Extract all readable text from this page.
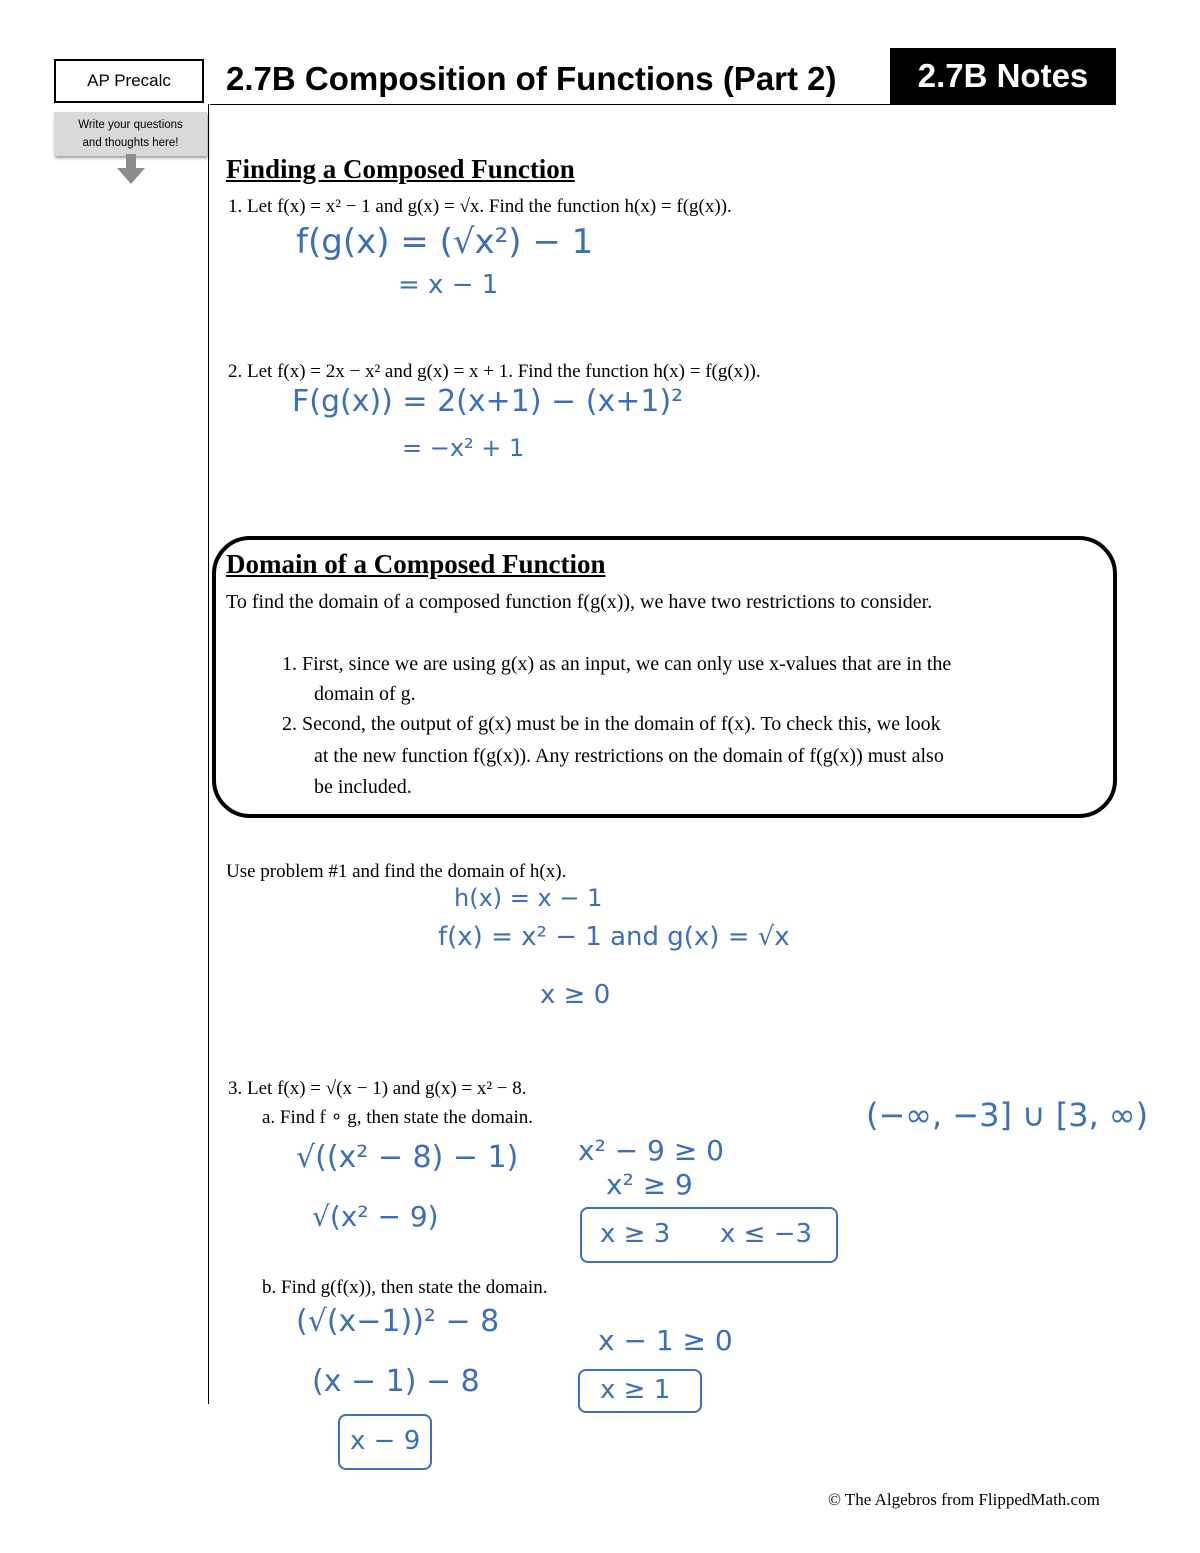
AP Precalc
Write your questions
and thoughts here!
2.7B Composition of Functions (Part 2) 2.7B Notes
Finding a Composed Function
1. Let f(x) = x² − 1 and g(x) = √x. Find the function h(x) = f(g(x)).
f(g(x) = (√x²) − 1
= x − 1
2. Let f(x) = 2x − x² and g(x) = x + 1. Find the function h(x) = f(g(x)).
F(g(x)) = 2(x+1) − (x+1)²
= −x² + 1
Domain of a Composed Function
To find the domain of a composed function f(g(x)), we have two restrictions to consider.
1. First, since we are using g(x) as an input, we can only use x-values that are in the
domain of g.
2. Second, the output of g(x) must be in the domain of f(x). To check this, we look
at the new function f(g(x)). Any restrictions on the domain of f(g(x)) must also
be included.
Use problem #1 and find the domain of h(x).
h(x) = x − 1
f(x) = x² − 1 and g(x) = √x
x ≥ 0
3. Let f(x) = √(x − 1) and g(x) = x² − 8.
a. Find f ∘ g, then state the domain.	(−∞, −3] ∪ [3, ∞)
√((x² − 8) − 1)
√(x² − 9)
x² − 9 ≥ 0
x² ≥ 9
x ≥ 3 x ≤ −3
b. Find g(f(x)), then state the domain.
(√(x−1))² − 8
(x − 1) − 8
x − 9
x − 1 ≥ 0
x ≥ 1
© The Algebros from FlippedMath.com
